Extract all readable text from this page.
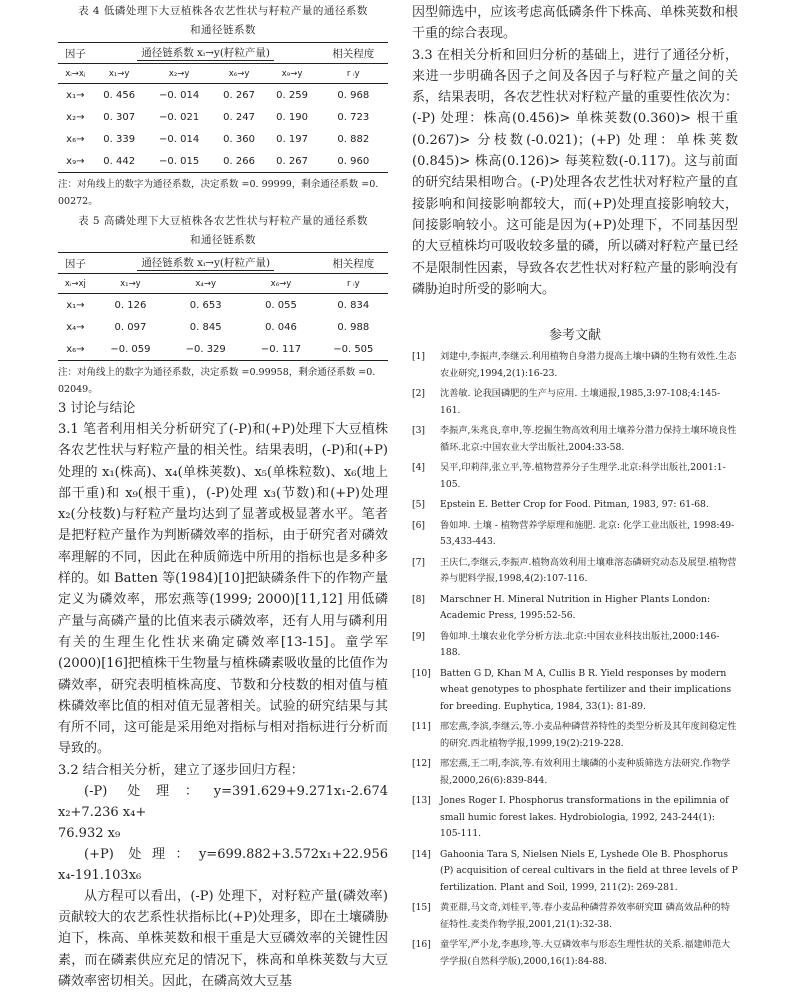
表 4 低磷处理下大豆植株各农艺性状与籽粒产量的通径系数
和通径链系数
因子	通径链系数 xᵢ→y(籽粒产量)				相关程度
xᵢ→xⱼ	x₁→y	x₂→y	x₆→y	x₉→y	r ᵢy
x₁→	0. 456	−0. 014	0. 267	0. 259	0. 968
x₂→	0. 307	−0. 021	0. 247	0. 190	0. 723
x₆→	0. 339	−0. 014	0. 360	0. 197	0. 882
x₉→	0. 442	−0. 015	0. 266	0. 267	0. 960
注：对角线上的数字为通径系数，决定系数 =0. 99999，剩余通径系数 =0. 00272。
表 5 高磷处理下大豆植株各农艺性状与籽粒产量的通径系数
和通径链系数
因子	通径链系数 xᵢ→y(籽粒产量)			相关程度
xᵢ→xj	x₁→y	x₄→y	x₆→y	r ᵢy
x₁→	0. 126	0. 653	0. 055	0. 834
x₄→	0. 097	0. 845	0. 046	0. 988
x₆→	−0. 059	−0. 329	−0. 117	−0. 505
注：对角线上的数字为通径系数，决定系数 =0.99958，剩余通径系数 =0. 02049。

3 讨论与结论

3.1 笔者利用相关分析研究了(-P)和(+P)处理下大豆植株各农艺性状与籽粒产量的相关性。结果表明，(-P)和(+P)处理的 x₁(株高)、x₄(单株荚数)、x₅(单株粒数)、x₆(地上部干重)和 x₉(根干重)，(-P)处理 x₃(节数)和(+P)处理 x₂(分枝数)与籽粒产量均达到了显著或极显著水平。笔者是把籽粒产量作为判断磷效率的指标，由于研究者对磷效率理解的不同，因此在种质筛选中所用的指标也是多种多样的。如 Batten 等(1984)[10]把缺磷条件下的作物产量定义为磷效率，邢宏燕等(1999; 2000)[11,12] 用低磷产量与高磷产量的比值来表示磷效率，还有人用与磷利用有关的生理生化性状来确定磷效率[13-15]。童学军(2000)[16]把植株干生物量与植株磷素吸收量的比值作为磷效率，研究表明植株高度、节数和分枝数的相对值与植株磷效率比值的相对值无显著相关。试验的研究结果与其有所不同，这可能是采用绝对指标与相对指标进行分析而导致的。

3.2 结合相关分析，建立了逐步回归方程：

(-P) 处理：y=391.629+9.271x₁-2.674 x₂+7.236 x₄+

76.932 x₉

(+P) 处理：y=699.882+3.572x₁+22.956 x₄-191.103x₆

从方程可以看出，(-P) 处理下，对籽粒产量(磷效率)贡献较大的农艺系性状指标比(+P)处理多，即在土壤磷胁迫下，株高、单株荚数和根干重是大豆磷效率的关键性因素，而在磷素供应充足的情况下，株高和单株荚数与大豆磷效率密切相关。因此，在磷高效大豆基

因型筛选中，应该考虑高低磷条件下株高、单株荚数和根干重的综合表现。

3.3 在相关分析和回归分析的基础上，进行了通径分析，来进一步明确各因子之间及各因子与籽粒产量之间的关系，结果表明，各农艺性状对籽粒产量的重要性依次为：(-P) 处理：株高(0.456)> 单株荚数(0.360)> 根干重(0.267)> 分枝数(-0.021)；(+P) 处理：单株荚数(0.845)> 株高(0.126)> 每荚粒数(-0.117)。这与前面的研究结果相吻合。(-P)处理各农艺性状对籽粒产量的直接影响和间接影响都较大，而(+P)处理直接影响较大，间接影响较小。这可能是因为(+P)处理下，不同基因型的大豆植株均可吸收较多量的磷，所以磷对籽粒产量已经不是限制性因素，导致各农艺性状对籽粒产量的影响没有磷胁迫时所受的影响大。

参考文献
[1]	刘建中,李振声,李继云.利用植物自身潜力提高土壤中磷的生物有效性.生态农业研究,1994,2(1):16-23.
[2]	沈善敏. 论我国磷肥的生产与应用. 土壤通报,1985,3:97-108;4:145-161.
[3]	李振声,朱兆良,章申,等.挖掘生物高效利用土壤养分潜力保持土壤环境良性循环.北京:中国农业大学出版社,2004:33-58.
[4]	吴平,印莉萍,张立平,等.植物营养分子生理学.北京:科学出版社,2001:1-105.
[5]	Epstein E. Better Crop for Food. Pitman, 1983, 97: 61-68.
[6]	鲁如坤. 土壤 - 植物营养学原理和施肥. 北京: 化学工业出版社, 1998:49-53,433-443.
[7]	王庆仁,李继云,李振声.植物高效利用土壤难溶态磷研究动态及展望.植物营养与肥料学报,1998,4(2):107-116.
[8]	Marschner H. Mineral Nutrition in Higher Plants London: Academic Press, 1995:52-56.
[9]	鲁如坤.土壤农业化学分析方法.北京:中国农业科技出版社,2000:146-188.
[10] Batten G D, Khan M A, Cullis B R. Yield responses by modern wheat genotypes to phosphate fertilizer and their implications for breeding. Euphytica, 1984, 33(1): 81-89.
[11] 邢宏燕,李滨,李继云,等.小麦品种磷营养特性的类型分析及其年度间稳定性的研究.西北植物学报,1999,19(2):219-228.
[12] 邢宏燕,王二明,李滨,等.有效利用土壤磷的小麦种质筛选方法研究.作物学报,2000,26(6):839-844.
[13] Jones Roger I. Phosphorus transformations in the epilimnia of small humic forest lakes. Hydrobiologia, 1992, 243-244(1): 105-111.
[14] Gahoonia Tara S, Nielsen Niels E, Lyshede Ole B. Phosphorus (P) acquisition of cereal cultivars in the field at three levels of P fertilization. Plant and Soil, 1999, 211(2): 269-281.
[15] 黄亚群,马文奇,刘桂平,等.春小麦品种磷营养效率研究Ⅲ 磷高效品种的特征特性.麦类作物学报,2001,21(1):32-38.
[16] 童学军,严小龙,李惠珍,等.大豆磷效率与形态生理性状的关系.福建师范大学学报(自然科学版),2000,16(1):84-88.
